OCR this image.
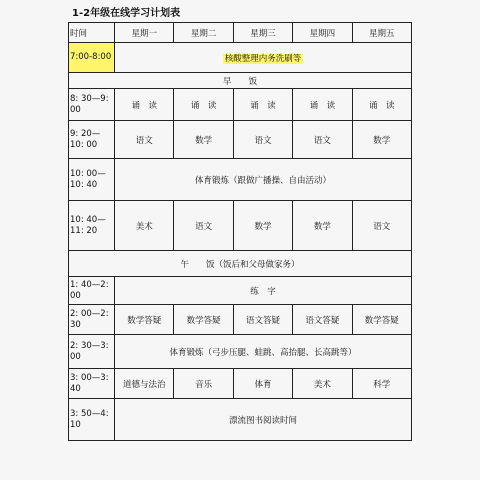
1-2年级在线学习计划表
时间	星期一	星期二	星期三	星期四	星期五
7:00-8:00	核酸整理内务洗刷等				
早　　饭					
8: 30—9: 00	诵　读	诵　读	诵　读	诵　读	诵　读
9: 20—10: 00	语文	数学	语文	语文	数学
10: 00—10: 40	体育锻炼（跟做广播操、自由活动）				
10: 40—11: 20	美术	语文	数学	数学	语文
午　　饭（饭后和父母做家务）					
1: 40—2: 00	练　字				
2: 00—2: 30	数学答疑	数学答疑	语文答疑	语文答疑	数学答疑
2: 30—3: 00	体育锻炼（弓步压腿、蛙跳、高抬腿、长高跳等）				
3: 00—3: 40	道德与法治	音乐	体育	美术	科学
3: 50—4: 10	漂流图书阅读时间				
